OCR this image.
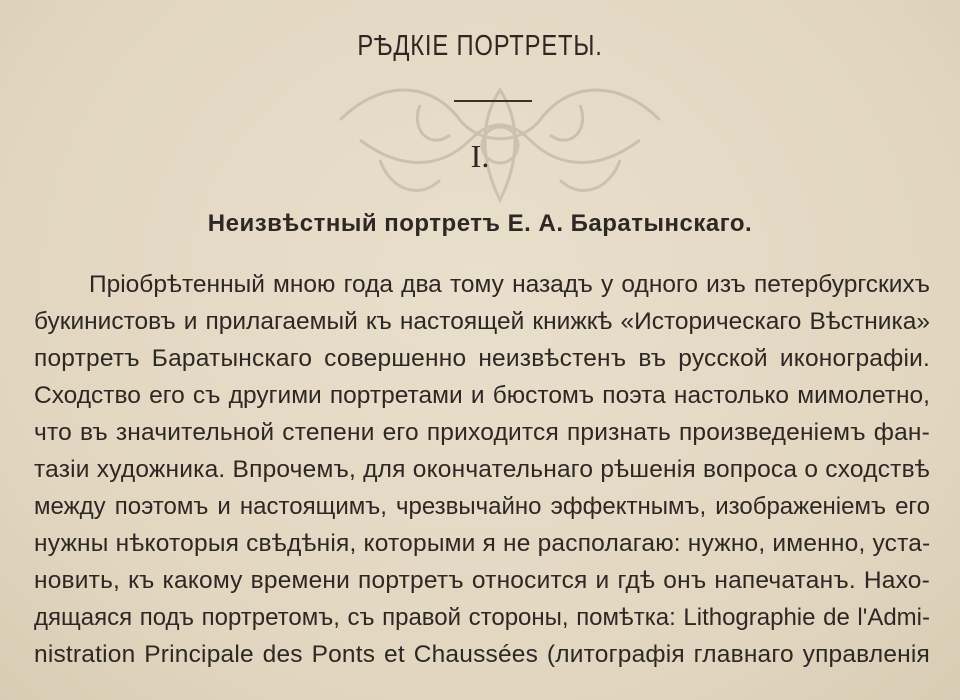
РѢДКІЕ ПОРТРЕТЫ.
I.
Неизвѣстный портретъ Е. А. Баратынскаго.
Пріобрѣтенный мною года два тому назадъ у одного изъ петербургскихъ
букинистовъ и прилагаемый къ настоящей книжкѣ «Историческаго Вѣстника»
портретъ Баратынскаго совершенно неизвѣстенъ въ русской иконографіи.
Сходство его съ другими портретами и бюстомъ поэта настолько мимолетно,
что въ значительной степени его приходится признать произведеніемъ фан-
тазіи художника. Впрочемъ, для окончательнаго рѣшенія вопроса о сходствѣ
между поэтомъ и настоящимъ, чрезвычайно эффектнымъ, изображеніемъ его
нужны нѣкоторыя свѣдѣнія, которыми я не располагаю: нужно, именно, уста-
новить, къ какому времени портретъ относится и гдѣ онъ напечатанъ. Нахо-
дящаяся подъ портретомъ, съ правой стороны, помѣтка: Lithographie de l'Admi-
nistration Principale des Ponts et Chaussées (литографія главнаго управленія
